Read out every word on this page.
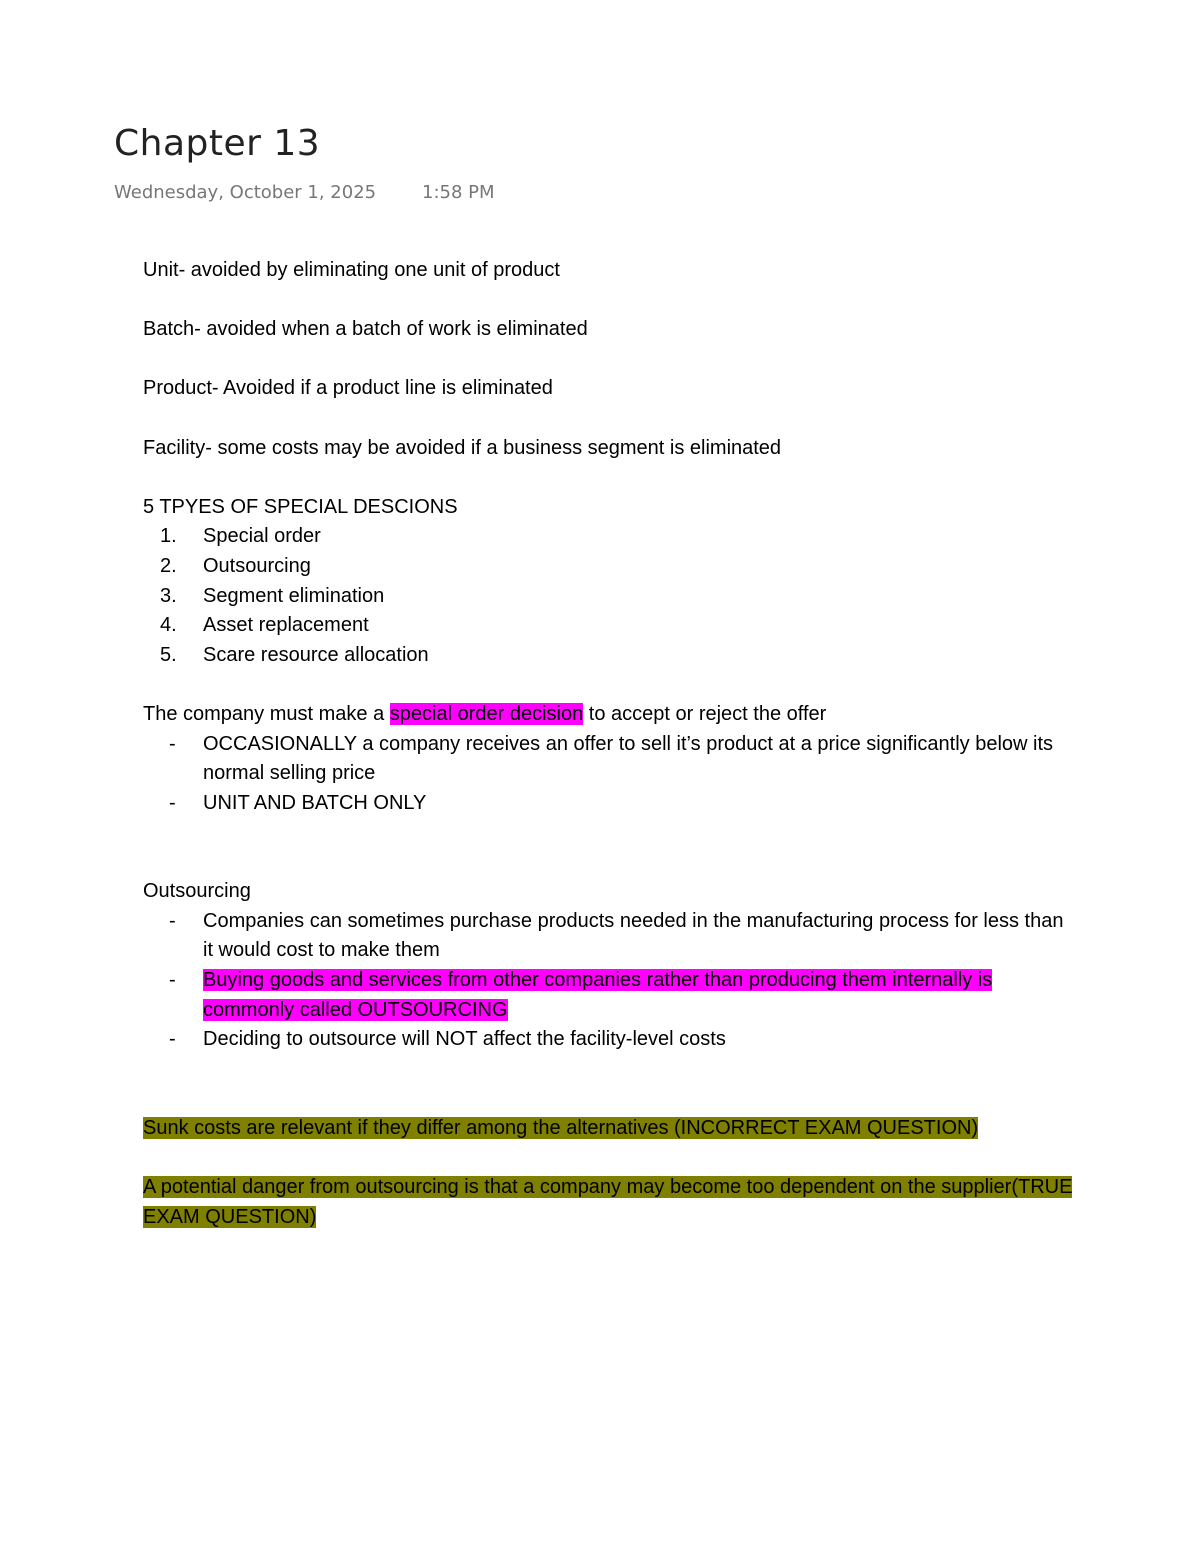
Chapter 13
Wednesday, October 1, 2025	1:58 PM

Unit- avoided by eliminating one unit of product

Batch- avoided when a batch of work is eliminated

Product- Avoided if a product line is eliminated

Facility- some costs may be avoided if a business segment is eliminated

5 TPYES OF SPECIAL DESCIONS

1. Special order
2. Outsourcing
3. Segment elimination
4. Asset replacement
5. Scare resource allocation

The company must make a special order decision to accept or reject the offer

- OCCASIONALLY a company receives an offer to sell it’s product at a price significantly below its normal selling price
- UNIT AND BATCH ONLY

Outsourcing

- Companies can sometimes purchase products needed in the manufacturing process for less than it would cost to make them
- Buying goods and services from other companies rather than producing them internally is commonly called OUTSOURCING
- Deciding to outsource will NOT affect the facility-level costs

Sunk costs are relevant if they differ among the alternatives (INCORRECT EXAM QUESTION)

A potential danger from outsourcing is that a company may become too dependent on the supplier(TRUE EXAM QUESTION)
